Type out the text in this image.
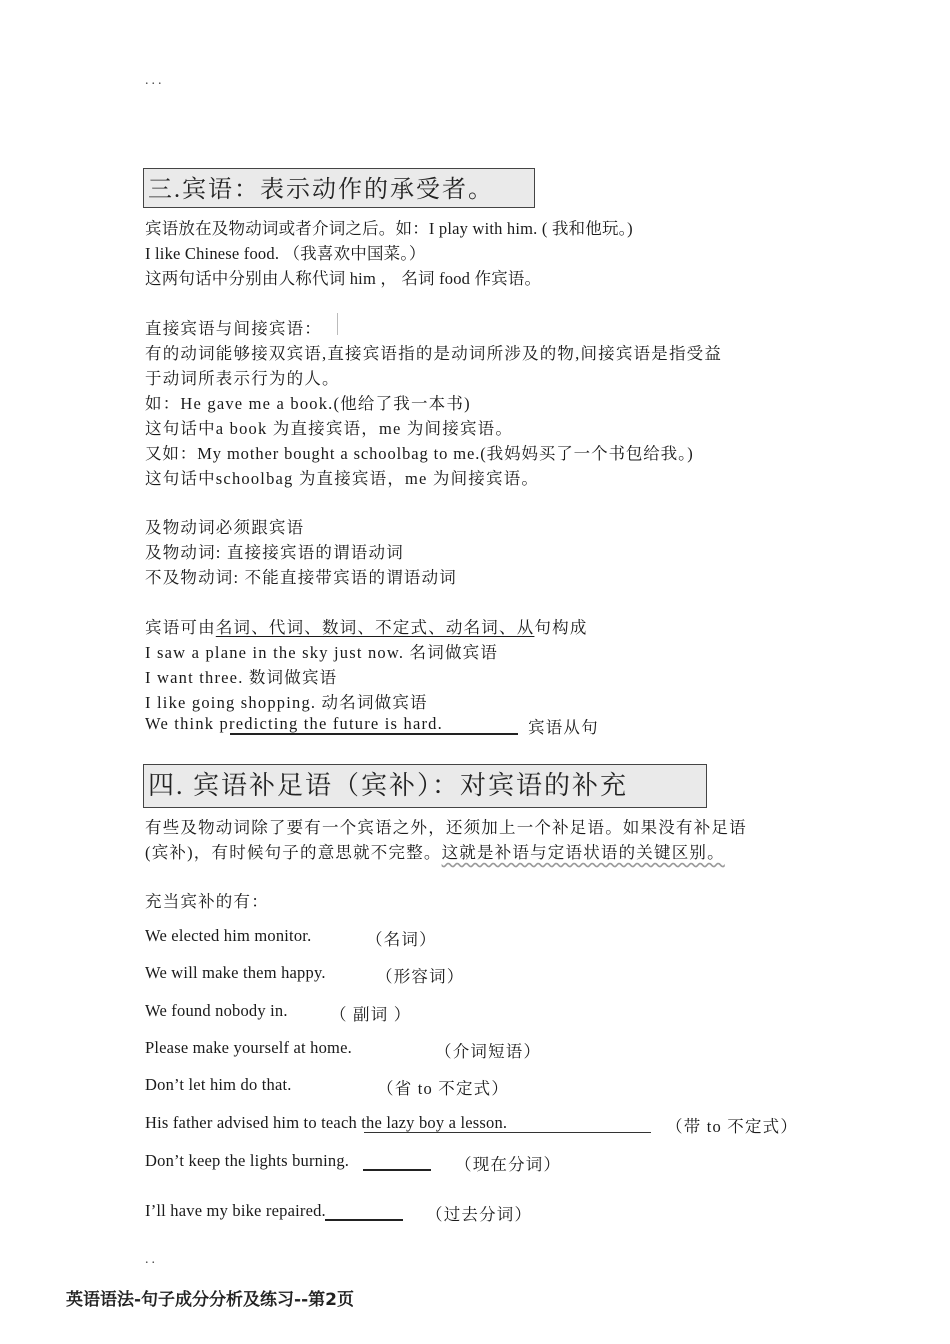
...
三.宾语：表示动作的承受者。
宾语放在及物动词或者介词之后。如：I play with him. ( 我和他玩。)
I like Chinese food. （我喜欢中国菜。）
这两句话中分别由人称代词 him ， 名词 food 作宾语。
直接宾语与间接宾语：
有的动词能够接双宾语,直接宾语指的是动词所涉及的物,间接宾语是指受益
于动词所表示行为的人。
如：He gave me a book.(他给了我一本书)
这句话中a book 为直接宾语，me 为间接宾语。
又如：My mother bought a schoolbag to me.(我妈妈买了一个书包给我。)
这句话中schoolbag 为直接宾语，me 为间接宾语。
及物动词必须跟宾语
及物动词: 直接接宾语的谓语动词
不及物动词: 不能直接带宾语的谓语动词
宾语可由名词、代词、数词、不定式、动名词、从句构成
I saw a plane in the sky just now. 名词做宾语
I want three. 数词做宾语
I like going shopping. 动名词做宾语
We think predicting the future is hard.	宾语从句
四. 宾语补足语（宾补）：对宾语的补充
有些及物动词除了要有一个宾语之外，还须加上一个补足语。如果没有补足语
(宾补)，有时候句子的意思就不完整。这就是补语与定语状语的关键区别。
充当宾补的有：
We elected him monitor.	（名词）
We will make them happy.	（形容词）
We found nobody in.	（ 副词 ）
Please make yourself at home.	（介词短语）
Don’t let him do that.	（省 to 不定式）
His father advised him to teach the lazy boy a lesson.	（带 to 不定式）
Don’t keep the lights burning.	（现在分词）
I’ll have my bike repaired.	（过去分词）
..
英语语法-句子成分分析及练习--第2页
